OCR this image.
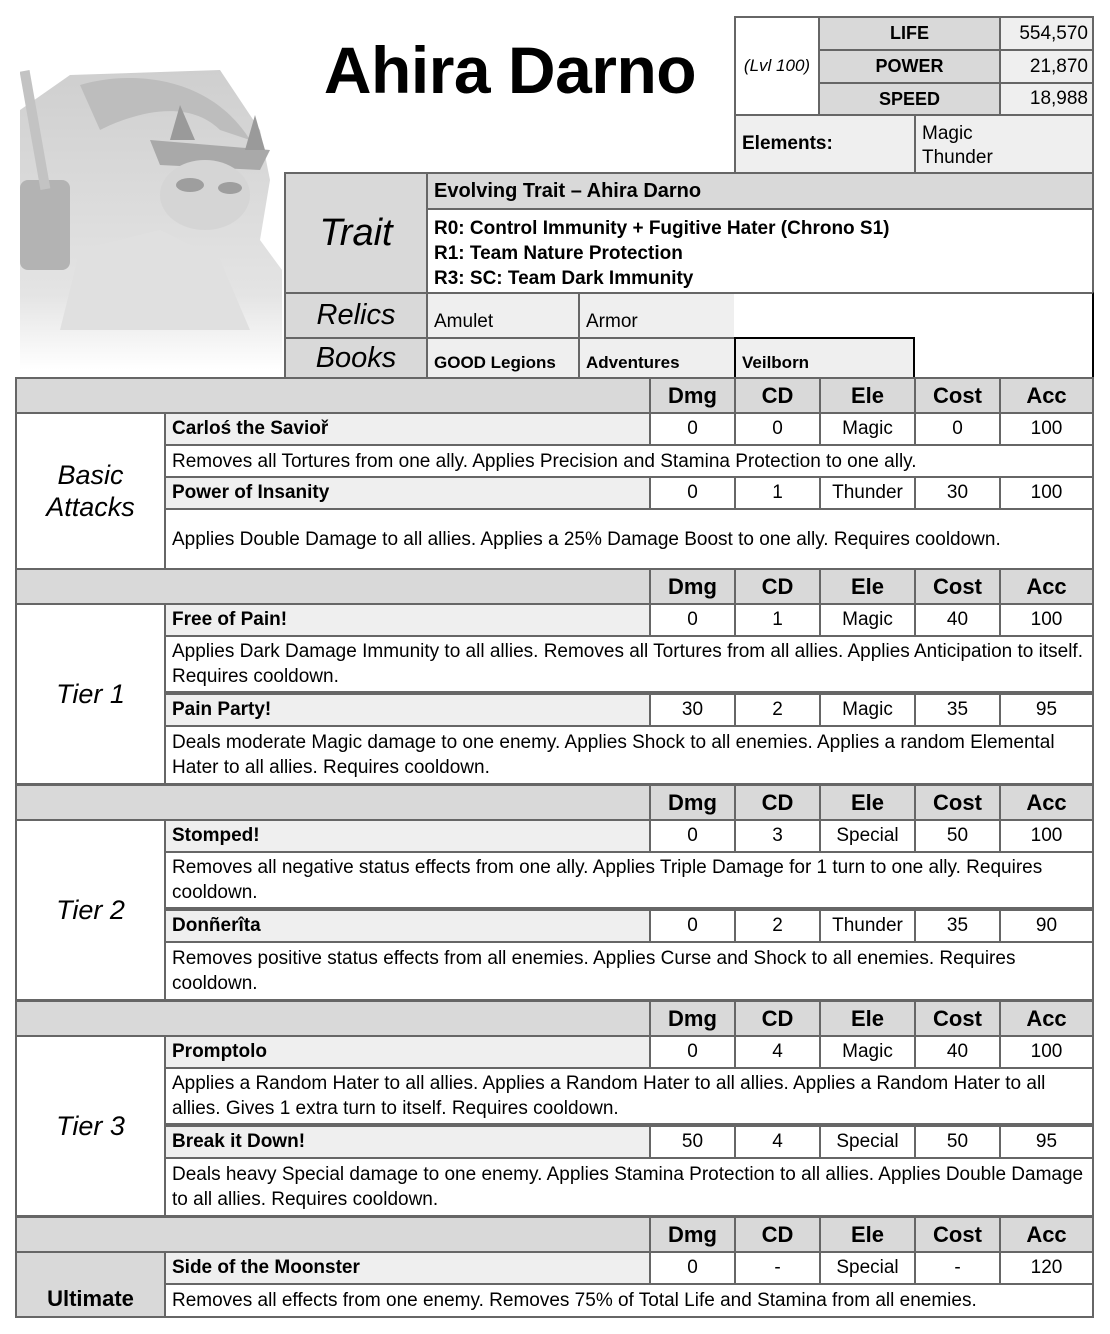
Ahira Darno	(Lvl 100)
LIFE	554,570
POWER	21,870
SPEED	18,988
Elements:	Magic
Thunder
Trait
Evolving Trait – Ahira Darno
R0: Control Immunity + Fugitive Hater (Chrono S1)
R1: Team Nature Protection
R3: SC: Team Dark Immunity
Relics	Amulet	Armor
Books	GOOD Legions	Adventures	Veilborn
Dmg	CD	Ele	Cost	Acc
Basic
Attacks
Carloś the Savioř	0	0	Magic	0	100
Removes all Tortures from one ally. Applies Precision and Stamina Protection to one ally.
Power of Insanity	0	1	Thunder	30	100
Applies Double Damage to all allies. Applies a 25% Damage Boost to one ally. Requires cooldown.
Dmg	CD	Ele	Cost	Acc
Tier 1
Free of Pain!	0	1	Magic	40	100
Applies Dark Damage Immunity to all allies. Removes all Tortures from all allies. Applies Anticipation to itself. Requires cooldown.
Pain Party!	30	2	Magic	35	95
Deals moderate Magic damage to one enemy. Applies Shock to all enemies. Applies a random Elemental Hater to all allies. Requires cooldown.
Dmg	CD	Ele	Cost	Acc
Tier 2
Stomped!	0	3	Special	50	100
Removes all negative status effects from one ally. Applies Triple Damage for 1 turn to one ally. Requires cooldown.
Donñerîta	0	2	Thunder	35	90
Removes positive status effects from all enemies. Applies Curse and Shock to all enemies. Requires cooldown.
Dmg	CD	Ele	Cost	Acc
Tier 3
Promptolo	0	4	Magic	40	100
Applies a Random Hater to all allies. Applies a Random Hater to all allies. Applies a Random Hater to all allies. Gives 1 extra turn to itself. Requires cooldown.
Break it Down!	50	4	Special	50	95
Deals heavy Special damage to one enemy. Applies Stamina Protection to all allies. Applies Double Damage to all allies. Requires cooldown.
Dmg	CD	Ele	Cost	Acc
Ultimate
Side of the Moonster	0	-	Special	-	120
Removes all effects from one enemy. Removes 75% of Total Life and Stamina from all enemies.
